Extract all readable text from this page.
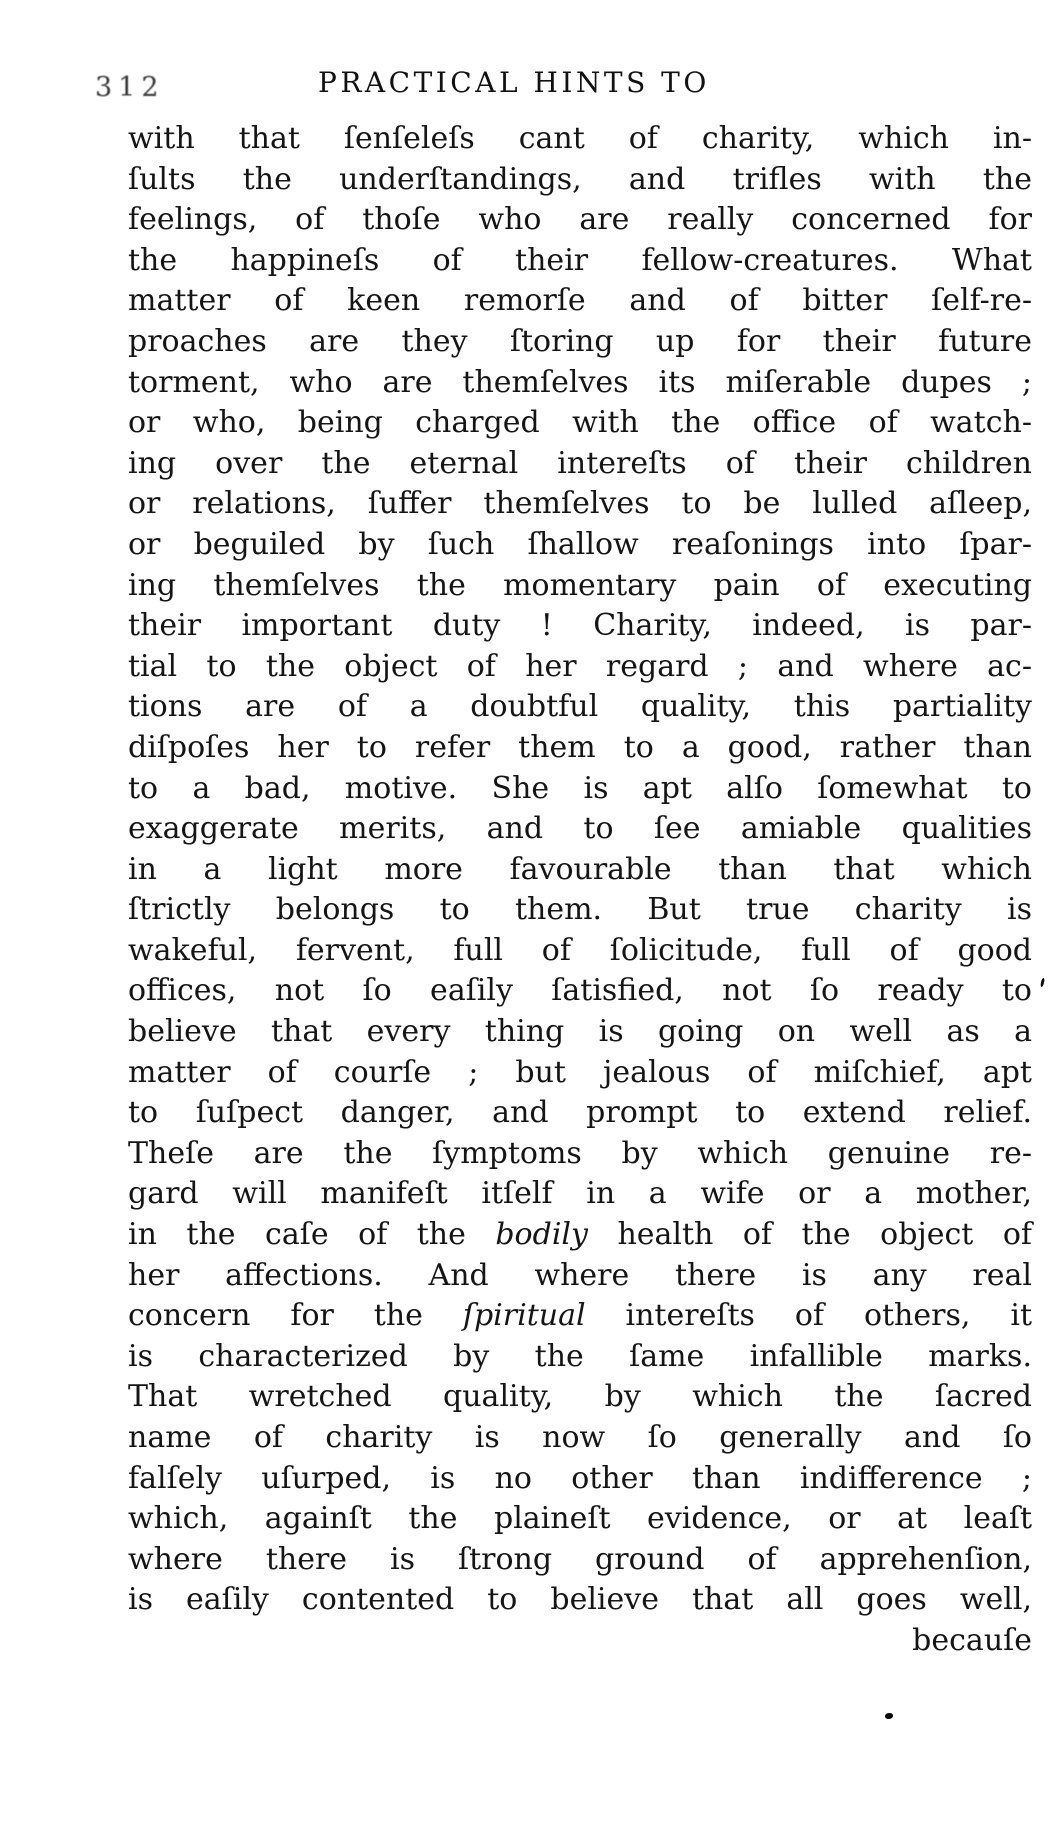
312	PRACTICAL HINTS TO
with that ſenſeleſs cant of charity, which in-
ſults the underſtandings, and trifles with the
feelings, of thoſe who are really concerned for
the happineſs of their fellow-creatures. What
matter of keen remorſe and of bitter ſelf-re-
proaches are they ſtoring up for their future
torment, who are themſelves its miſerable dupes ;
or who, being charged with the office of watch-
ing over the eternal intereſts of their children
or relations, ſuffer themſelves to be lulled aſleep,
or beguiled by ſuch ſhallow reaſonings into ſpar-
ing themſelves the momentary pain of executing
their important duty ! Charity, indeed, is par-
tial to the object of her regard ; and where ac-
tions are of a doubtful quality, this partiality
diſpoſes her to refer them to a good, rather than
to a bad, motive. She is apt alſo ſomewhat to
exaggerate merits, and to ſee amiable qualities
in a light more favourable than that which
ſtrictly belongs to them. But true charity is
wakeful, fervent, full of ſolicitude, full of good
offices, not ſo eaſily ſatisfied, not ſo ready to
believe that every thing is going on well as a
matter of courſe ; but jealous of miſchief, apt
to ſuſpect danger, and prompt to extend relief.
Theſe are the ſymptoms by which genuine re-
gard will manifeſt itſelf in a wife or a mother,
in the caſe of the bodily health of the object of
her affections. And where there is any real
concern for the ſpiritual intereſts of others, it
is characterized by the ſame infallible marks.
That wretched quality, by which the ſacred
name of charity is now ſo generally and ſo
falſely uſurped, is no other than indifference ;
which, againſt the plaineſt evidence, or at leaſt
where there is ſtrong ground of apprehenſion,
is eaſily contented to believe that all goes well,
becauſe
